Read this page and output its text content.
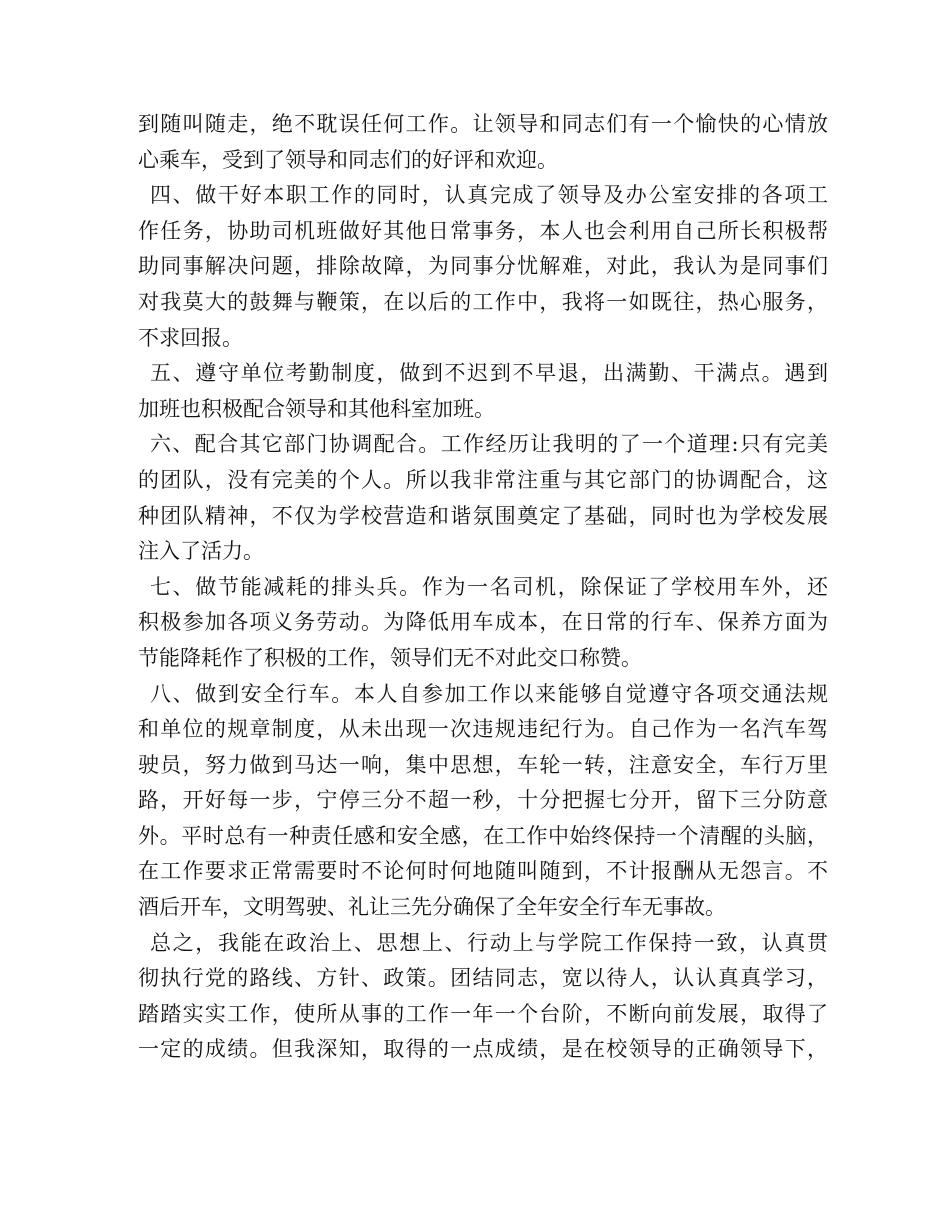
到随叫随走，绝不耽误任何工作。让领导和同志们有一个愉快的心情放
心乘车，受到了领导和同志们的好评和欢迎。
四、做干好本职工作的同时，认真完成了领导及办公室安排的各项工
作任务，协助司机班做好其他日常事务，本人也会利用自己所长积极帮
助同事解决问题，排除故障，为同事分忧解难，对此，我认为是同事们
对我莫大的鼓舞与鞭策，在以后的工作中，我将一如既往，热心服务，
不求回报。
五、遵守单位考勤制度，做到不迟到不早退，出满勤、干满点。遇到
加班也积极配合领导和其他科室加班。
六、配合其它部门协调配合。工作经历让我明的了一个道理:只有完美
的团队，没有完美的个人。所以我非常注重与其它部门的协调配合，这
种团队精神，不仅为学校营造和谐氛围奠定了基础，同时也为学校发展
注入了活力。
七、做节能减耗的排头兵。作为一名司机，除保证了学校用车外，还
积极参加各项义务劳动。为降低用车成本，在日常的行车、保养方面为
节能降耗作了积极的工作，领导们无不对此交口称赞。
八、做到安全行车。本人自参加工作以来能够自觉遵守各项交通法规
和单位的规章制度，从未出现一次违规违纪行为。自己作为一名汽车驾
驶员，努力做到马达一响，集中思想，车轮一转，注意安全，车行万里
路，开好每一步，宁停三分不超一秒，十分把握七分开，留下三分防意
外。平时总有一种责任感和安全感，在工作中始终保持一个清醒的头脑，
在工作要求正常需要时不论何时何地随叫随到，不计报酬从无怨言。不
酒后开车，文明驾驶、礼让三先分确保了全年安全行车无事故。
总之，我能在政治上、思想上、行动上与学院工作保持一致，认真贯
彻执行党的路线、方针、政策。团结同志，宽以待人，认认真真学习，
踏踏实实工作，使所从事的工作一年一个台阶，不断向前发展，取得了
一定的成绩。但我深知，取得的一点成绩，是在校领导的正确领导下，
